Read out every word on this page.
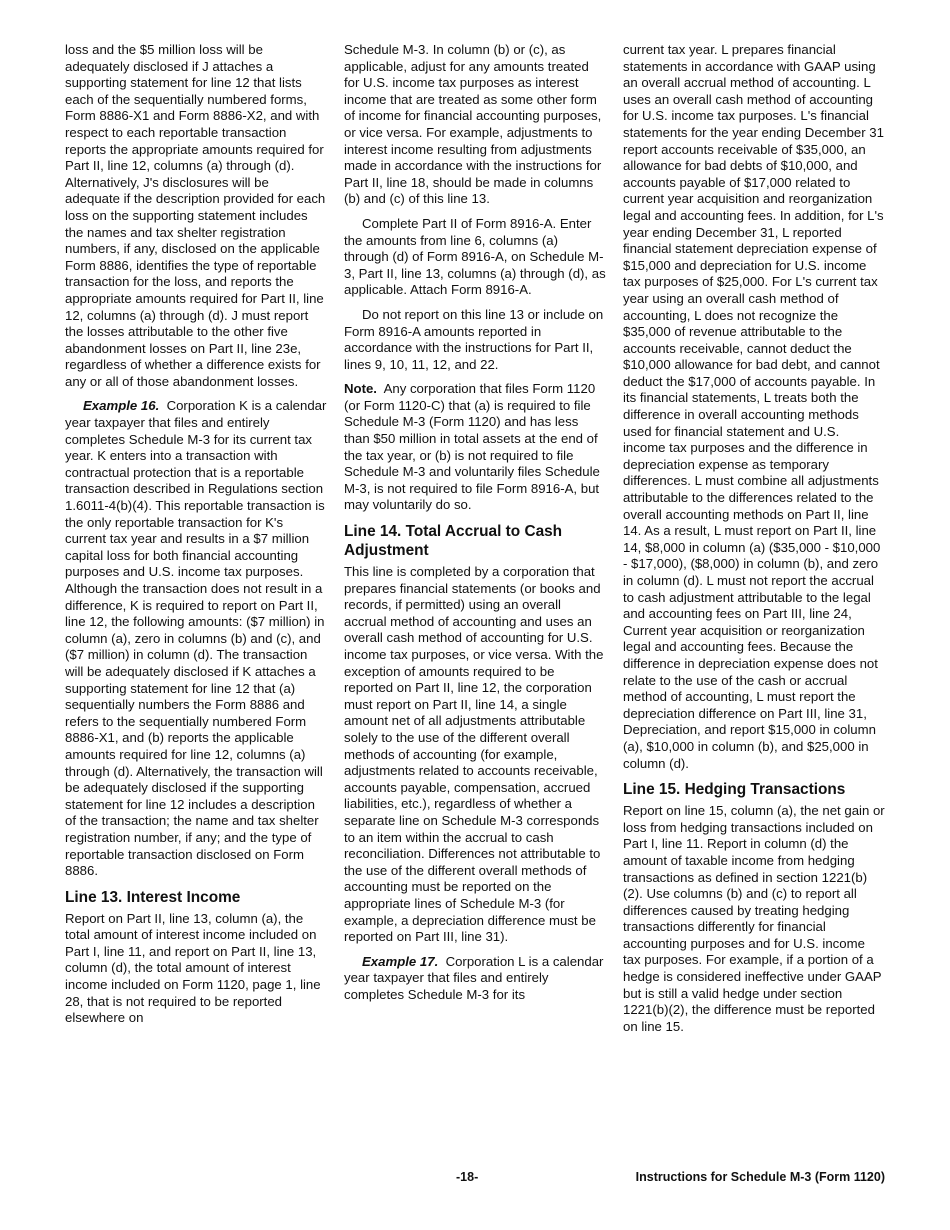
loss and the $5 million loss will be adequately disclosed if J attaches a supporting statement for line 12 that lists each of the sequentially numbered forms, Form 8886-X1 and Form 8886-X2, and with respect to each reportable transaction reports the appropriate amounts required for Part II, line 12, columns (a) through (d). Alternatively, J's disclosures will be adequate if the description provided for each loss on the supporting statement includes the names and tax shelter registration numbers, if any, disclosed on the applicable Form 8886, identifies the type of reportable transaction for the loss, and reports the appropriate amounts required for Part II, line 12, columns (a) through (d). J must report the losses attributable to the other five abandonment losses on Part II, line 23e, regardless of whether a difference exists for any or all of those abandonment losses.

Example 16. Corporation K is a calendar year taxpayer that files and entirely completes Schedule M-3 for its current tax year. K enters into a transaction with contractual protection that is a reportable transaction described in Regulations section 1.6011-4(b)(4). This reportable transaction is the only reportable transaction for K's current tax year and results in a $7 million capital loss for both financial accounting purposes and U.S. income tax purposes. Although the transaction does not result in a difference, K is required to report on Part II, line 12, the following amounts: ($7 million) in column (a), zero in columns (b) and (c), and ($7 million) in column (d). The transaction will be adequately disclosed if K attaches a supporting statement for line 12 that (a) sequentially numbers the Form 8886 and refers to the sequentially numbered Form 8886-X1, and (b) reports the applicable amounts required for line 12, columns (a) through (d). Alternatively, the transaction will be adequately disclosed if the supporting statement for line 12 includes a description of the transaction; the name and tax shelter registration number, if any; and the type of reportable transaction disclosed on Form 8886.

Line 13. Interest Income

Report on Part II, line 13, column (a), the total amount of interest income included on Part I, line 11, and report on Part II, line 13, column (d), the total amount of interest income included on Form 1120, page 1, line 28, that is not required to be reported elsewhere on

Schedule M-3. In column (b) or (c), as applicable, adjust for any amounts treated for U.S. income tax purposes as interest income that are treated as some other form of income for financial accounting purposes, or vice versa. For example, adjustments to interest income resulting from adjustments made in accordance with the instructions for Part II, line 18, should be made in columns (b) and (c) of this line 13.

Complete Part II of Form 8916-A. Enter the amounts from line 6, columns (a) through (d) of Form 8916-A, on Schedule M-3, Part II, line 13, columns (a) through (d), as applicable. Attach Form 8916-A.

Do not report on this line 13 or include on Form 8916-A amounts reported in accordance with the instructions for Part II, lines 9, 10, 11, 12, and 22.

Note. Any corporation that files Form 1120 (or Form 1120-C) that (a) is required to file Schedule M-3 (Form 1120) and has less than $50 million in total assets at the end of the tax year, or (b) is not required to file Schedule M-3 and voluntarily files Schedule M-3, is not required to file Form 8916-A, but may voluntarily do so.

Line 14. Total Accrual to Cash Adjustment

This line is completed by a corporation that prepares financial statements (or books and records, if permitted) using an overall accrual method of accounting and uses an overall cash method of accounting for U.S. income tax purposes, or vice versa. With the exception of amounts required to be reported on Part II, line 12, the corporation must report on Part II, line 14, a single amount net of all adjustments attributable solely to the use of the different overall methods of accounting (for example, adjustments related to accounts receivable, accounts payable, compensation, accrued liabilities, etc.), regardless of whether a separate line on Schedule M-3 corresponds to an item within the accrual to cash reconciliation. Differences not attributable to the use of the different overall methods of accounting must be reported on the appropriate lines of Schedule M-3 (for example, a depreciation difference must be reported on Part III, line 31).

Example 17. Corporation L is a calendar year taxpayer that files and entirely completes Schedule M-3 for its

current tax year. L prepares financial statements in accordance with GAAP using an overall accrual method of accounting. L uses an overall cash method of accounting for U.S. income tax purposes. L's financial statements for the year ending December 31 report accounts receivable of $35,000, an allowance for bad debts of $10,000, and accounts payable of $17,000 related to current year acquisition and reorganization legal and accounting fees. In addition, for L's year ending December 31, L reported financial statement depreciation expense of $15,000 and depreciation for U.S. income tax purposes of $25,000. For L's current tax year using an overall cash method of accounting, L does not recognize the $35,000 of revenue attributable to the accounts receivable, cannot deduct the $10,000 allowance for bad debt, and cannot deduct the $17,000 of accounts payable. In its financial statements, L treats both the difference in overall accounting methods used for financial statement and U.S. income tax purposes and the difference in depreciation expense as temporary differences. L must combine all adjustments attributable to the differences related to the overall accounting methods on Part II, line 14. As a result, L must report on Part II, line 14, $8,000 in column (a) ($35,000 - $10,000 - $17,000), ($8,000) in column (b), and zero in column (d). L must not report the accrual to cash adjustment attributable to the legal and accounting fees on Part III, line 24, Current year acquisition or reorganization legal and accounting fees. Because the difference in depreciation expense does not relate to the use of the cash or accrual method of accounting, L must report the depreciation difference on Part III, line 31, Depreciation, and report $15,000 in column (a), $10,000 in column (b), and $25,000 in column (d).

Line 15. Hedging Transactions

Report on line 15, column (a), the net gain or loss from hedging transactions included on Part I, line 11. Report in column (d) the amount of taxable income from hedging transactions as defined in section 1221(b)(2). Use columns (b) and (c) to report all differences caused by treating hedging transactions differently for financial accounting purposes and for U.S. income tax purposes. For example, if a portion of a hedge is considered ineffective under GAAP but is still a valid hedge under section 1221(b)(2), the difference must be reported on line 15.

-18-	Instructions for Schedule M-3 (Form 1120)
